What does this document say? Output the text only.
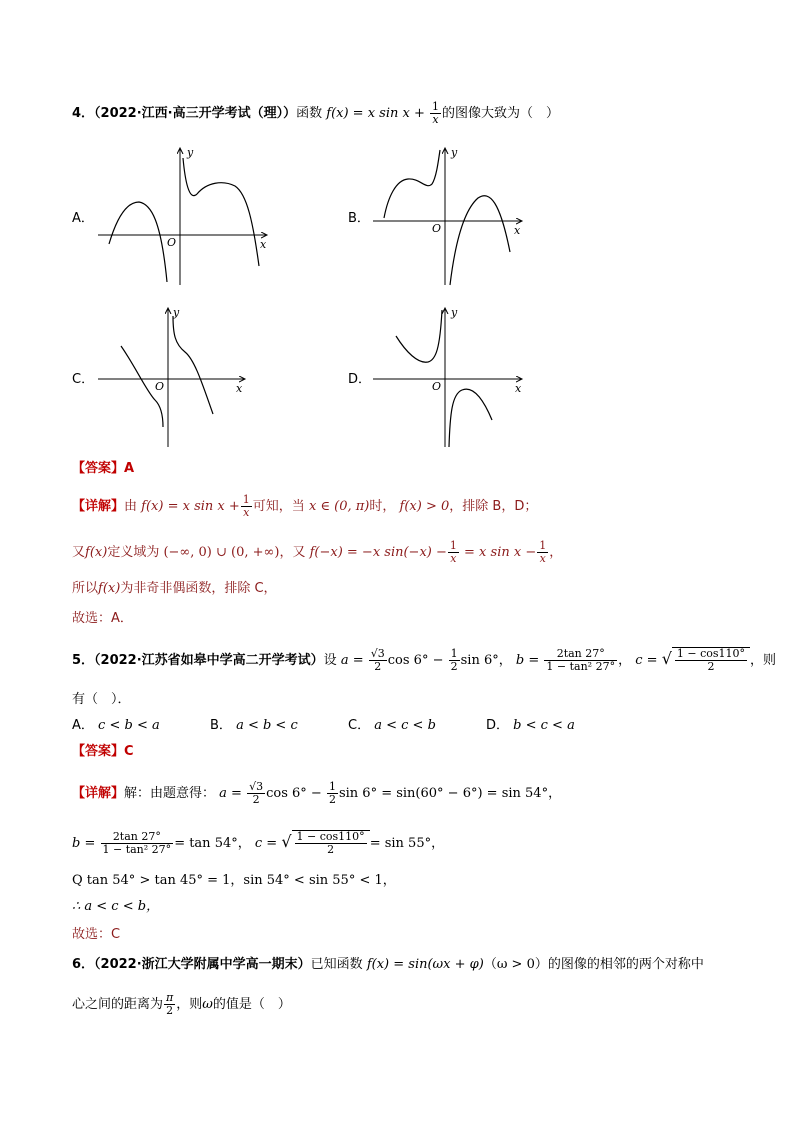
4．（2022·江西·高三开学考试（理））函数 f(x) = x $\sin x + \frac{1}{x}$ 的图像大致为（　）
A．	B．
C．	D．
x
y
O
x
y
O
x
y
O	x
y
O
【答案】A
【详解】由 f(x) = x $\sin x + \frac{1}{x}$ 可知，当 x ∈ (0, π)时， f(x) > 0，排除 B，D；
又f(x)定义域为 (−∞, 0) ∪ (0, +∞)，又 f(−x) = −x $\sin(-x) - \frac{1}{x} = x$ $\sin x - \frac{1}{x}$ ，
所以f(x)为非奇非偶函数，排除 C，
故选：A．
5．（2022·江苏省如皋中学高二开学考试）设 $a = \frac{√3}{2}$ $\cos 6^\circ - \frac{1}{2}$ sin 6°， $b = \frac{2\tan 27^\circ}{\text{1 − tan² 27°}}$ ， c = √ $\frac{1 - \cos 110^\circ}{2}$ ，则
有（　）．
A． c < b < a	B． a < b < c	C． a < c < b	D． b < c < a
【答案】C
【详解】解：由题意得： $a = \frac{√3}{2}$ $\cos 6^\circ - \frac{1}{2}$ sin 6° = sin(60° − 6°) = sin 54°，
$b = \frac{2\tan 27^\circ}{\text{1 − tan² 27°}} = \tan 54^\circ$， c = √ $\frac{1 - \cos 110^\circ}{2} = \sin 55^\circ$，
Q tan 54° > tan 45° = 1，sin 54° < sin 55° < 1，
∴ a < c < b，
故选：C
6．（2022·浙江大学附属中学高一期末）已知函数 f(x) = sin(ωx + φ)（ω > 0）的图像的相邻的两个对称中
心之间的距离为 $\frac{\pi}{2}$ ，则ω的值是（　）
